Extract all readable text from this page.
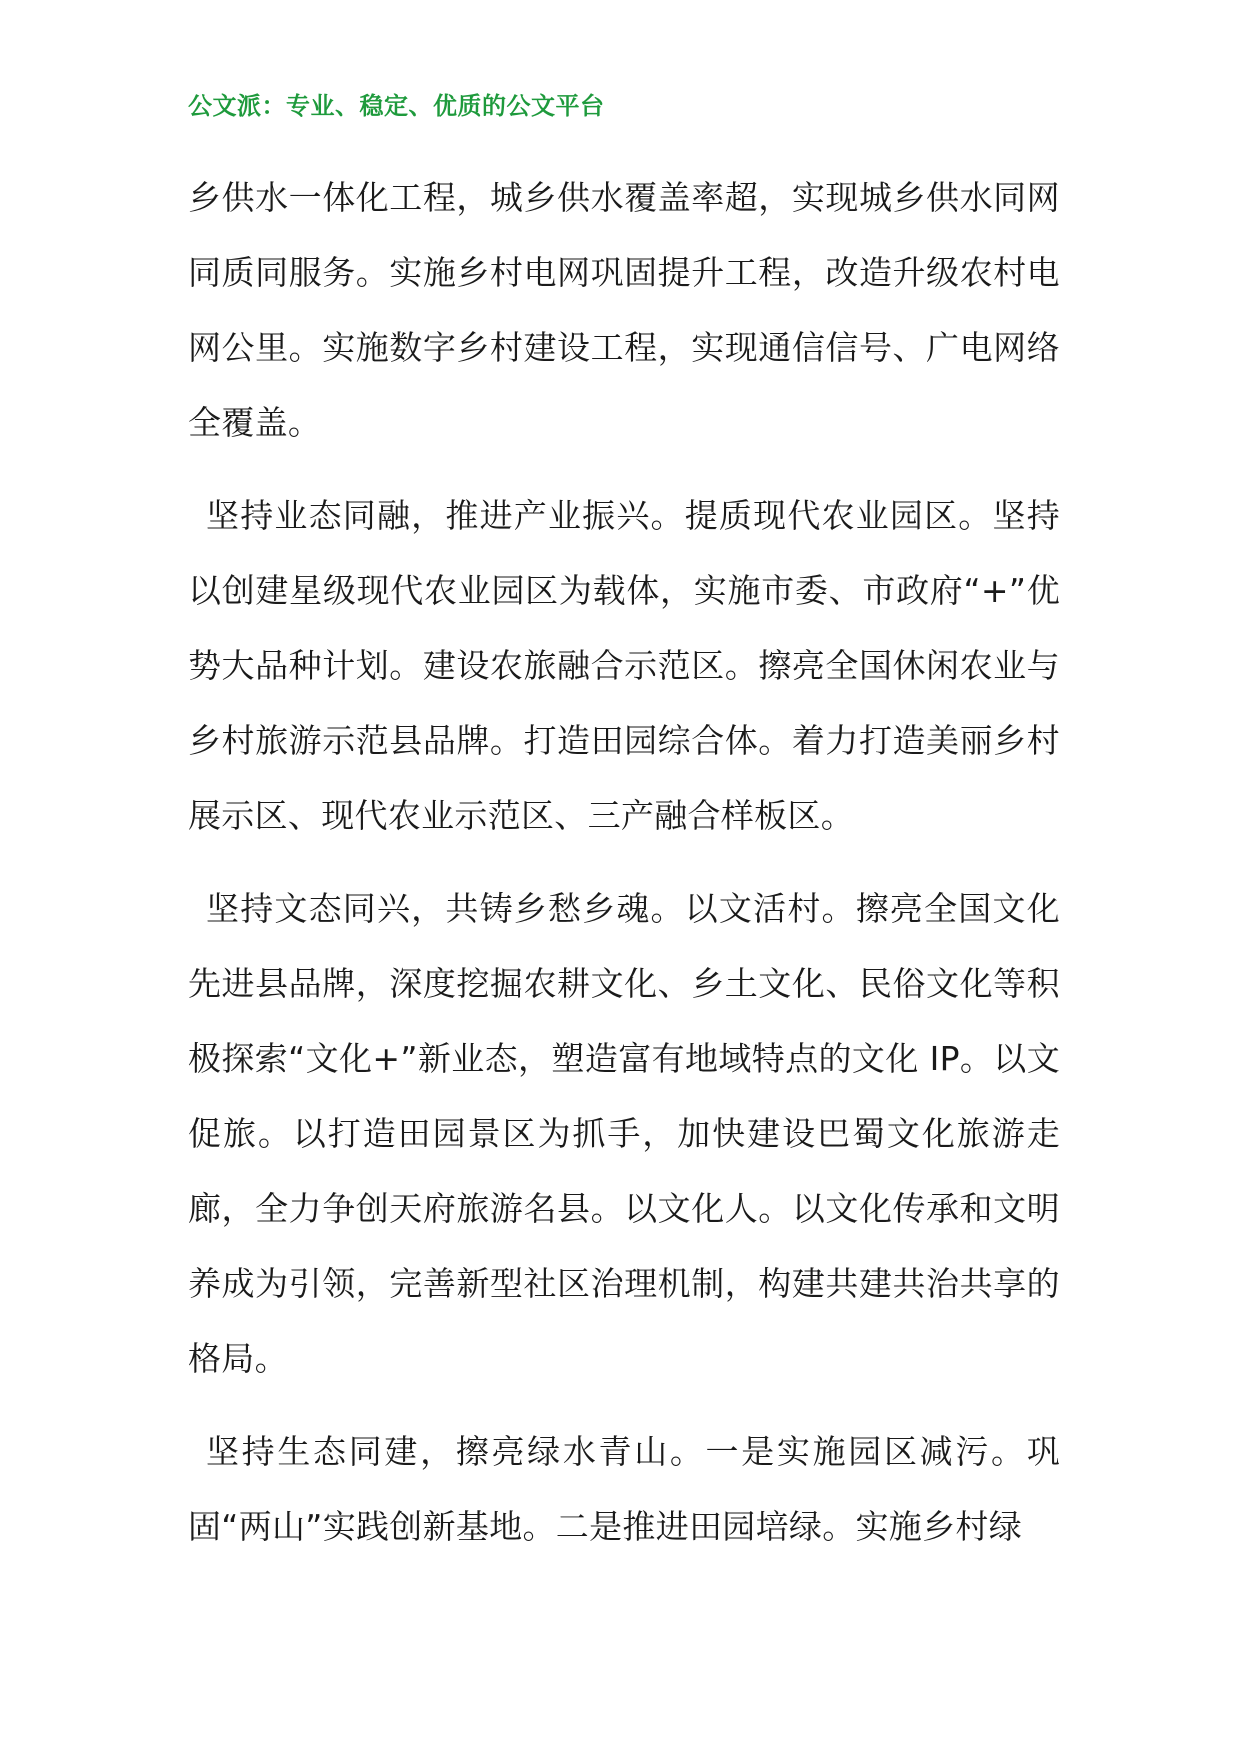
公文派：专业、稳定、优质的公文平台

乡供水一体化工程，城乡供水覆盖率超，实现城乡供水同网同质同服务。实施乡村电网巩固提升工程，改造升级农村电网公里。实施数字乡村建设工程，实现通信信号、广电网络全覆盖。

坚持业态同融，推进产业振兴。提质现代农业园区。坚持以创建星级现代农业园区为载体，实施市委、市政府“+”优势大品种计划。建设农旅融合示范区。擦亮全国休闲农业与乡村旅游示范县品牌。打造田园综合体。着力打造美丽乡村展示区、现代农业示范区、三产融合样板区。

坚持文态同兴，共铸乡愁乡魂。以文活村。擦亮全国文化先进县品牌，深度挖掘农耕文化、乡土文化、民俗文化等积极探索“文化+”新业态，塑造富有地域特点的文化 IP。以文促旅。以打造田园景区为抓手，加快建设巴蜀文化旅游走廊，全力争创天府旅游名县。以文化人。以文化传承和文明养成为引领，完善新型社区治理机制，构建共建共治共享的格局。

坚持生态同建，擦亮绿水青山。一是实施园区减污。巩固“两山”实践创新基地。二是推进田园培绿。实施乡村绿
